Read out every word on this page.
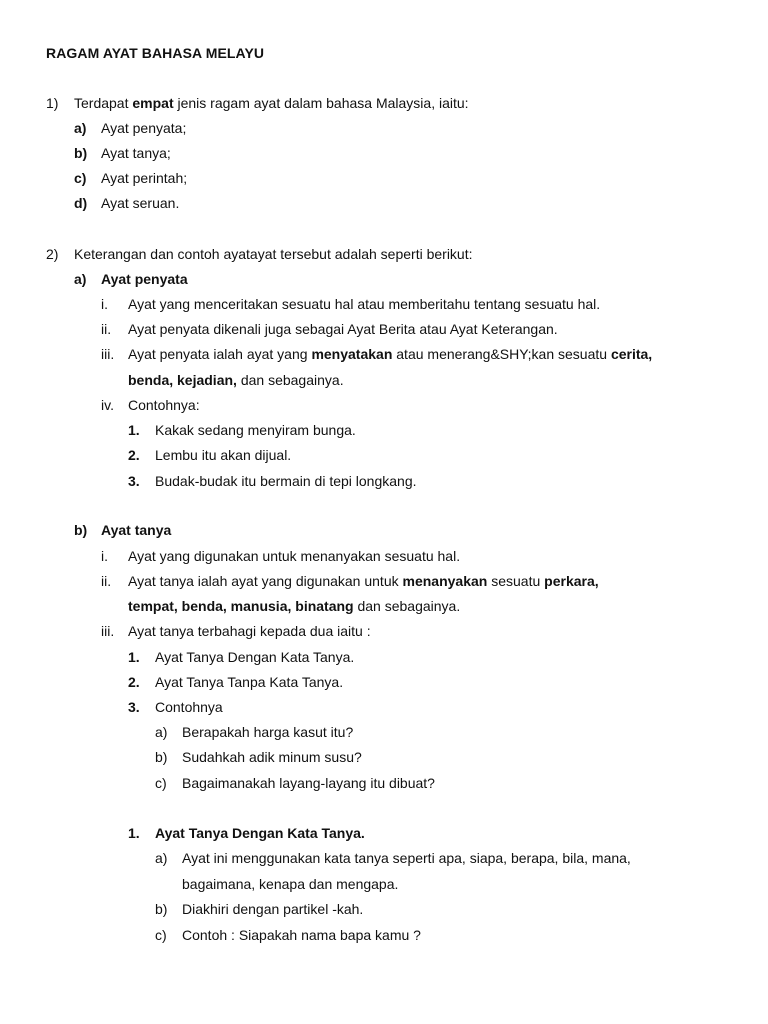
RAGAM AYAT BAHASA MELAYU
1) Terdapat empat jenis ragam ayat dalam bahasa Malaysia, iaitu:
a) Ayat penyata;
b) Ayat tanya;
c) Ayat perintah;
d) Ayat seruan.
2) Keterangan dan contoh ayatayat tersebut adalah seperti berikut:
a) Ayat penyata
i. Ayat yang menceritakan sesuatu hal atau memberitahu tentang sesuatu hal.
ii. Ayat penyata dikenali juga sebagai Ayat Berita atau Ayat Keterangan.
iii. Ayat penyata ialah ayat yang menyatakan atau menerang&SHY;kan sesuatu cerita,
benda, kejadian, dan sebagainya.
iv. Contohnya:
1. Kakak sedang menyiram bunga.
2. Lembu itu akan dijual.
3. Budak-budak itu bermain di tepi longkang.
b) Ayat tanya
i. Ayat yang digunakan untuk menanyakan sesuatu hal.
ii. Ayat tanya ialah ayat yang digunakan untuk menanyakan sesuatu perkara,
tempat, benda, manusia, binatang dan sebagainya.
iii. Ayat tanya terbahagi kepada dua iaitu :
1. Ayat Tanya Dengan Kata Tanya.
2. Ayat Tanya Tanpa Kata Tanya.
3. Contohnya
a) Berapakah harga kasut itu?
b) Sudahkah adik minum susu?
c) Bagaimanakah layang-layang itu dibuat?
1. Ayat Tanya Dengan Kata Tanya.
a) Ayat ini menggunakan kata tanya seperti apa, siapa, berapa, bila, mana,
bagaimana, kenapa dan mengapa.
b) Diakhiri dengan partikel -kah.
c) Contoh : Siapakah nama bapa kamu ?
